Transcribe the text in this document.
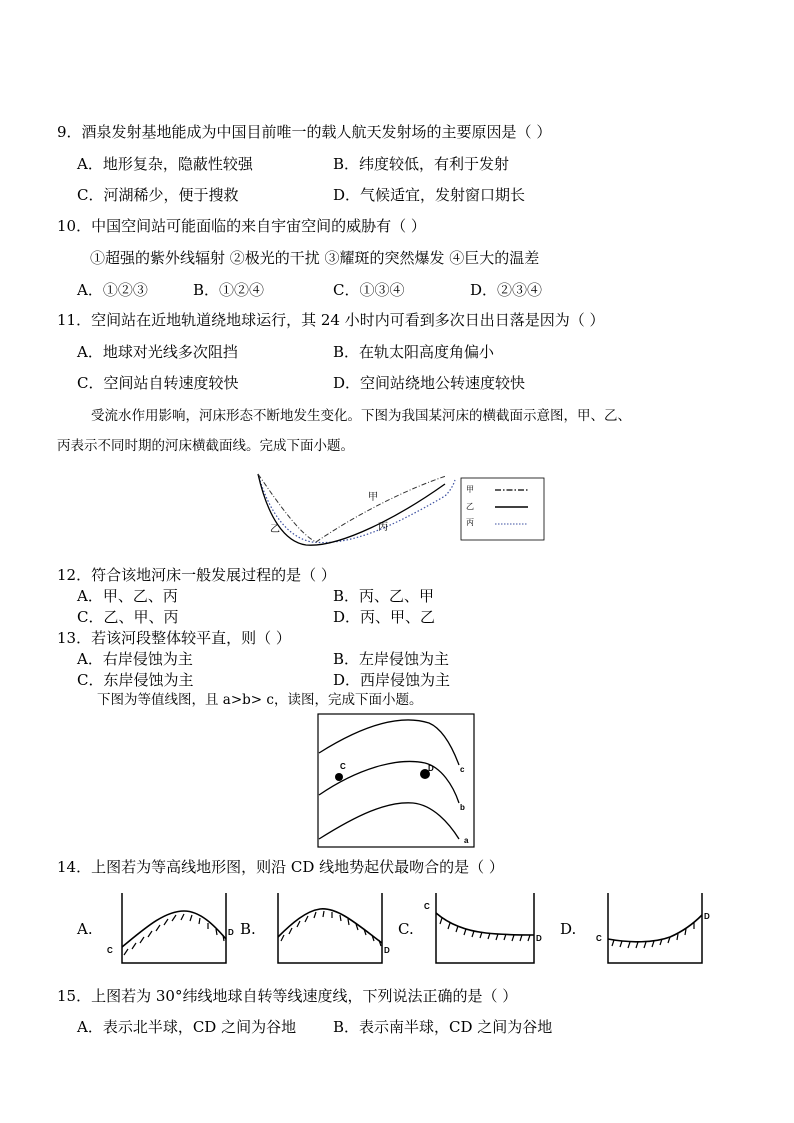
9．酒泉发射基地能成为中国目前唯一的载人航天发射场的主要原因是（ ）
A．地形复杂，隐蔽性较强	B．纬度较低，有利于发射
C．河湖稀少，便于搜救	D．气候适宜，发射窗口期长
10．中国空间站可能面临的来自宇宙空间的威胁有（ ）
①超强的紫外线辐射 ②极光的干扰 ③耀斑的突然爆发 ④巨大的温差
A．①②③	B．①②④	C．①③④	D．②③④
11．空间站在近地轨道绕地球运行，其 24 小时内可看到多次日出日落是因为（ ）
A．地球对光线多次阻挡	B．在轨太阳高度角偏小
C．空间站自转速度较快	D．空间站绕地公转速度较快
受流水作用影响，河床形态不断地发生变化。下图为我国某河床的横截面示意图，甲、乙、
丙表示不同时期的河床横截面线。完成下面小题。
甲
乙	丙
甲
乙
丙
12．符合该地河床一般发展过程的是（ ）
A．甲、乙、丙	B．丙、乙、甲
C．乙、甲、丙	D．丙、甲、乙
13．若该河段整体较平直，则（ ）
A．右岸侵蚀为主	B．左岸侵蚀为主
C．东岸侵蚀为主	D．西岸侵蚀为主
下图为等值线图，且 a>b> c，读图，完成下面小题。
C	D	c
b
a
14．上图若为等高线地形图，则沿 CD 线地势起伏最吻合的是（ ）
A.	B.	C.	D.
C
D
D
C
D	C
D
15．上图若为 30°纬线地球自转等线速度线，下列说法正确的是（ ）
A．表示北半球，CD 之间为谷地 B．表示南半球，CD 之间为谷地
